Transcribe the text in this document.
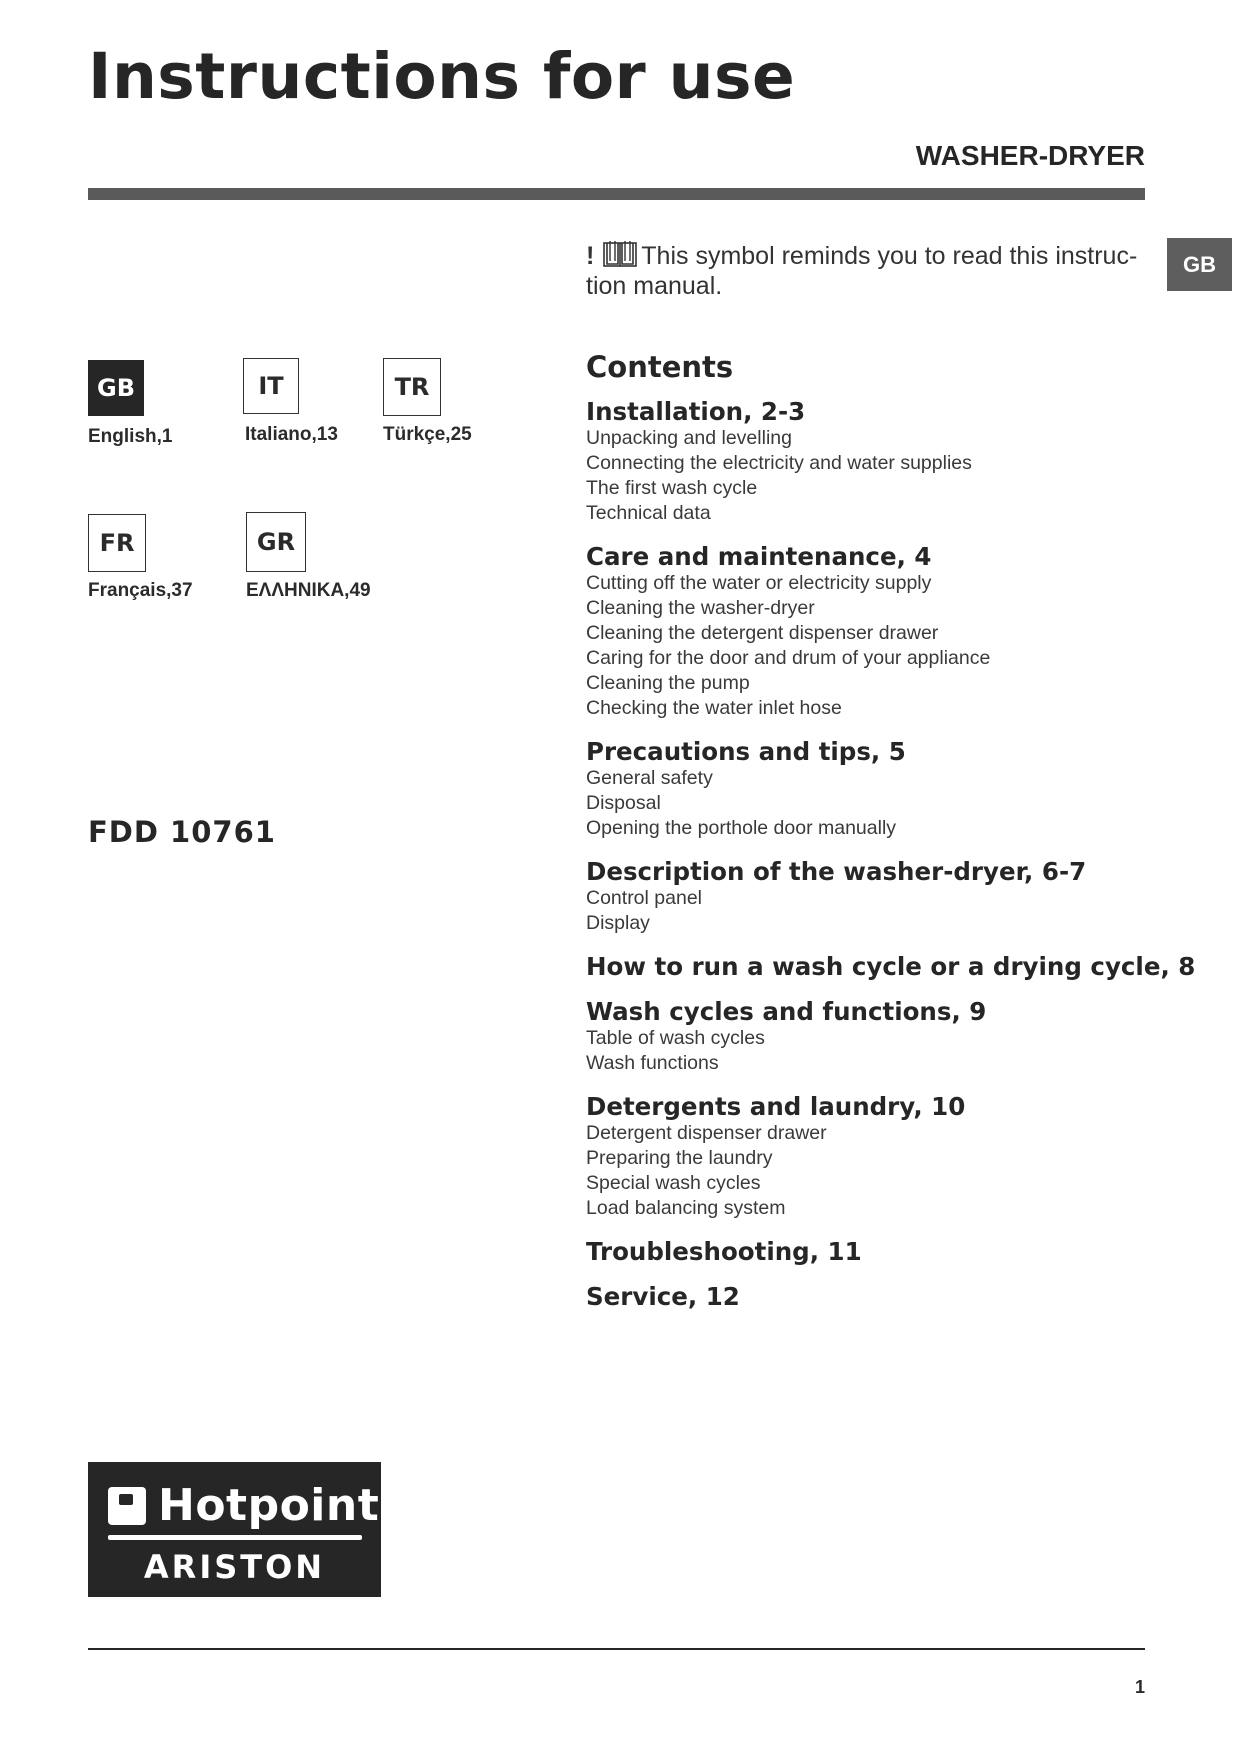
Instructions for use
WASHER-DRYER
GB
! This symbol reminds you to read this instruc-tion manual.
GB
English,1
IT
Italiano,13
TR
Türkçe,25
FR
Français,37
GR
ΕΛΛΗΝΙΚΑ,49
FDD 10761
Contents
Installation, 2-3
Unpacking and levelling
Connecting the electricity and water supplies
The first wash cycle
Technical data
Care and maintenance, 4
Cutting off the water or electricity supply
Cleaning the washer-dryer
Cleaning the detergent dispenser drawer
Caring for the door and drum of your appliance
Cleaning the pump
Checking the water inlet hose
Precautions and tips, 5
General safety
Disposal
Opening the porthole door manually
Description of the washer-dryer, 6-7
Control panel
Display
How to run a wash cycle or a drying cycle, 8
Wash cycles and functions, 9
Table of wash cycles
Wash functions
Detergents and laundry, 10
Detergent dispenser drawer
Preparing the laundry
Special wash cycles
Load balancing system
Troubleshooting, 11
Service, 12
Hotpoint
ARISTON
1
